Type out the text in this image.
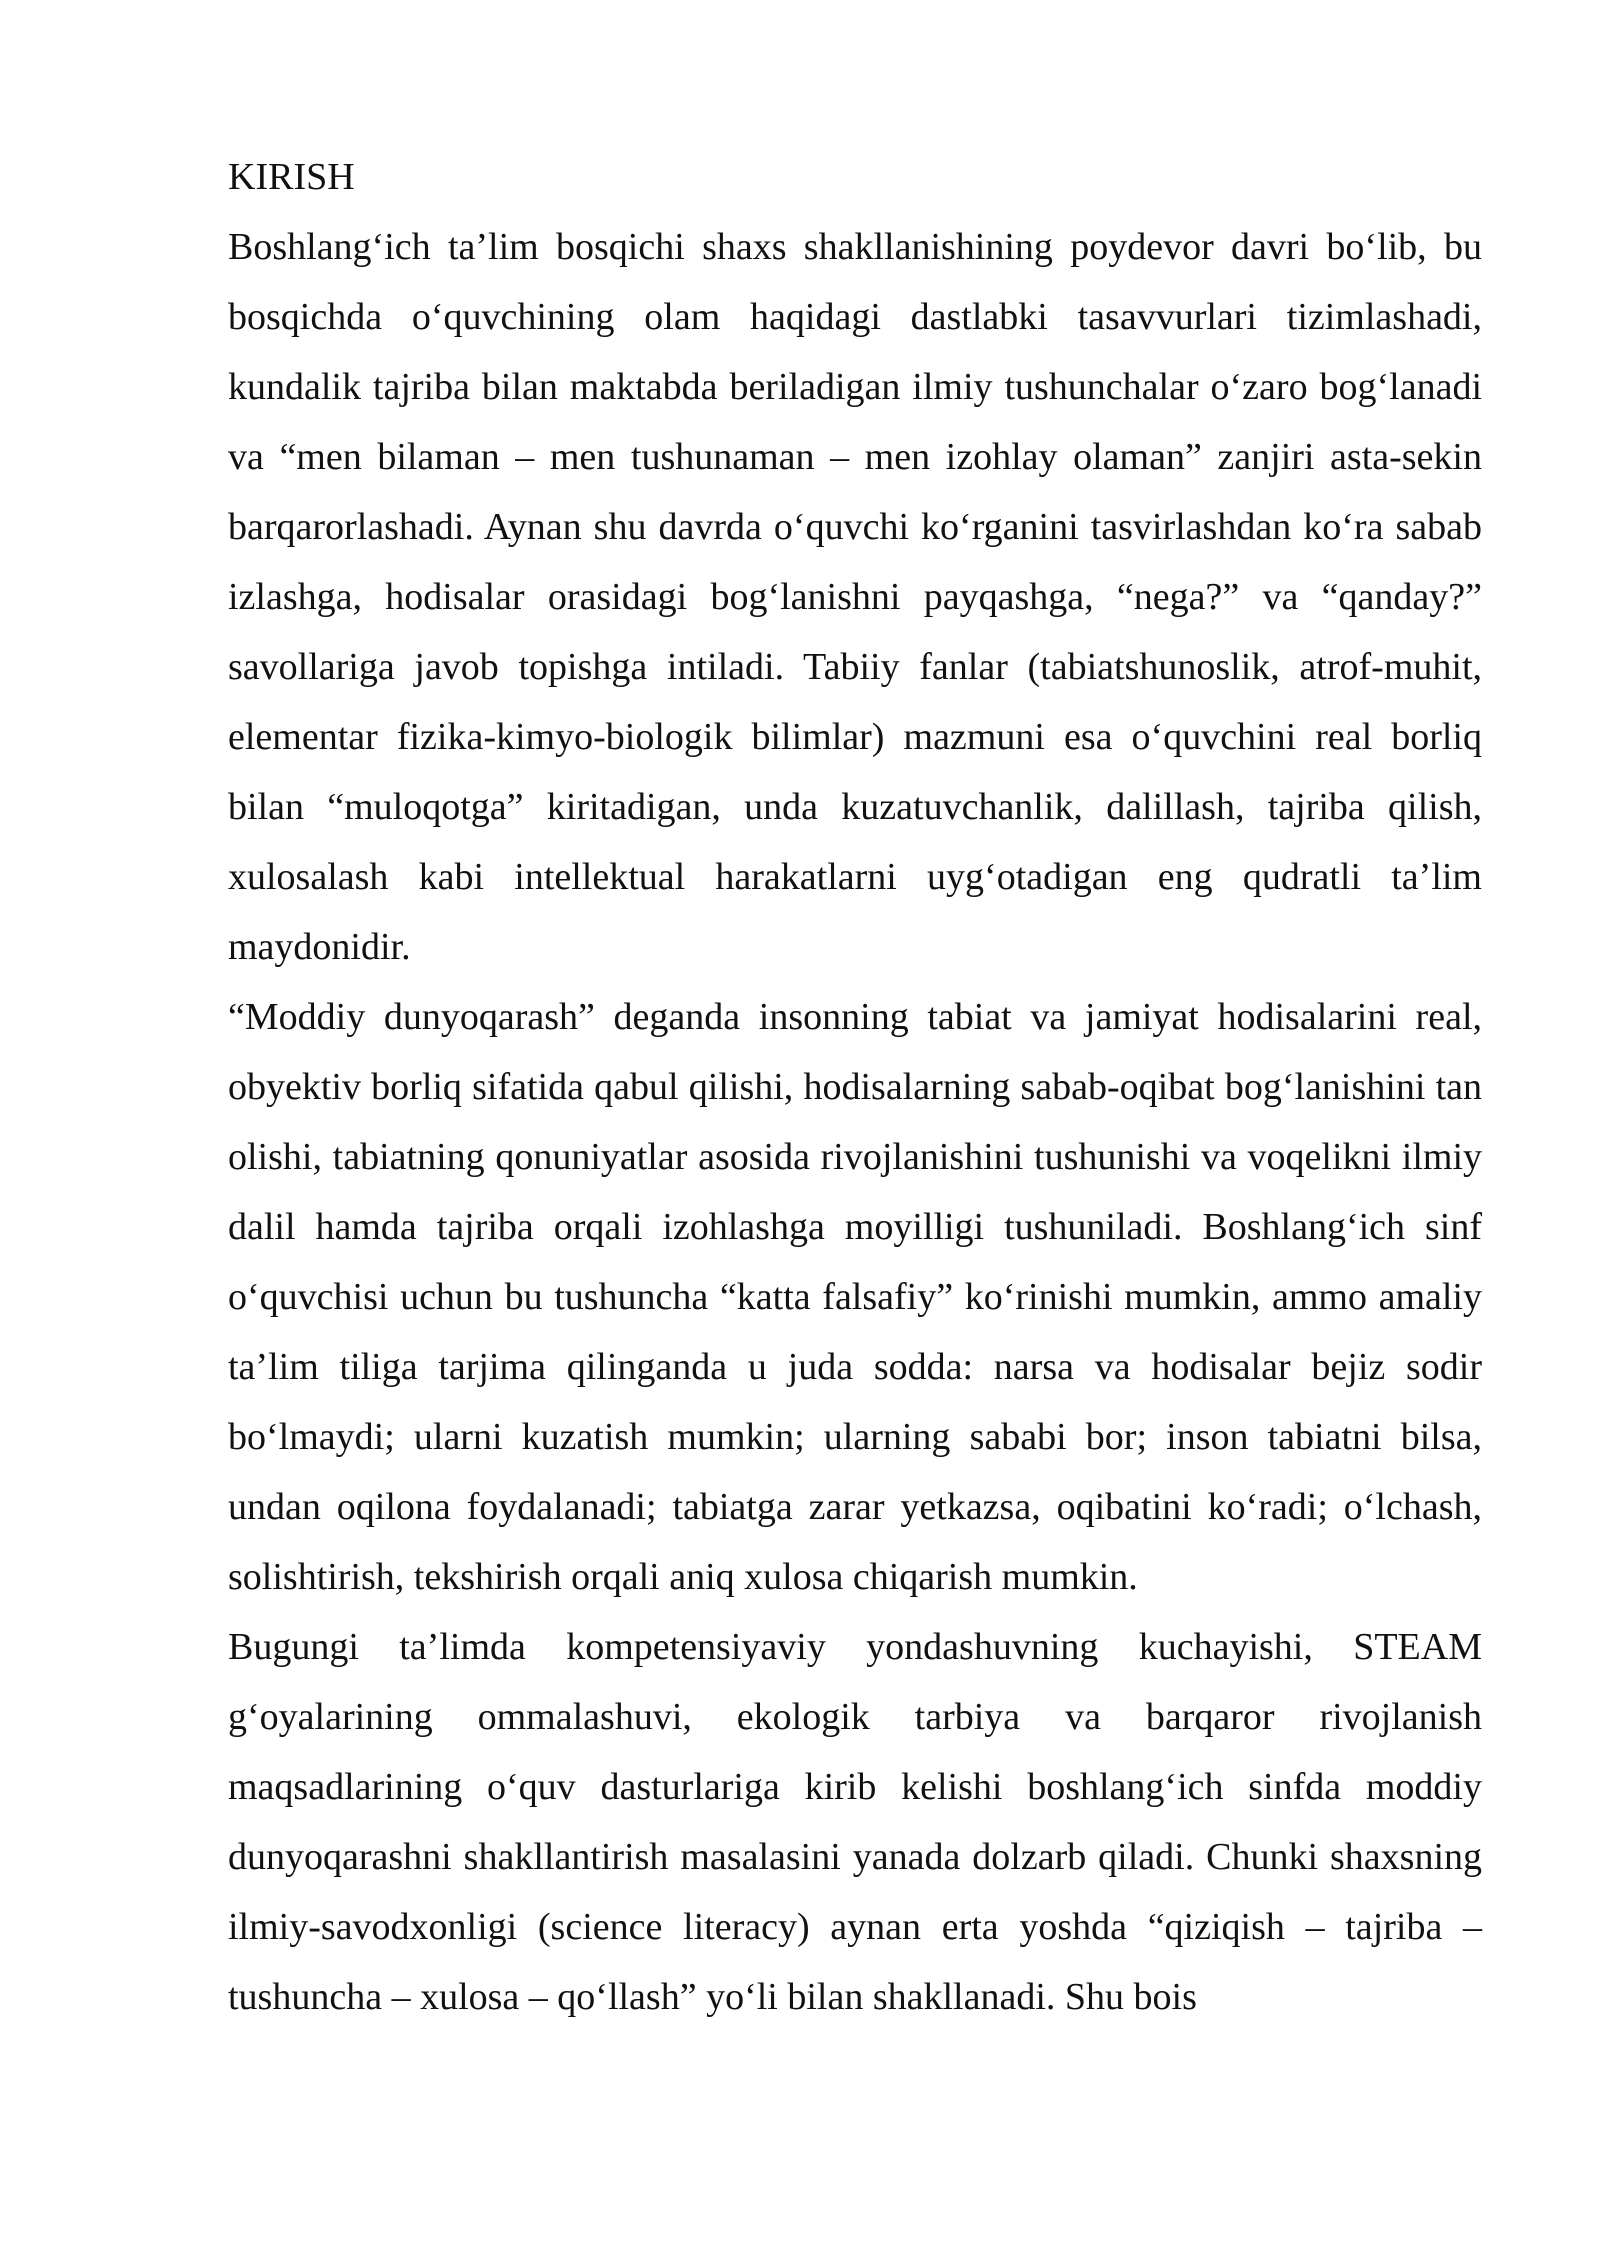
KIRISH

Boshlang‘ich ta’lim bosqichi shaxs shakllanishining poydevor davri bo‘lib, bu bosqichda o‘quvchining olam haqidagi dastlabki tasavvurlari tizimlashadi, kundalik tajriba bilan maktabda beriladigan ilmiy tushunchalar o‘zaro bog‘lanadi va “men bilaman – men tushunaman – men izohlay olaman” zanjiri asta-sekin barqarorlashadi. Aynan shu davrda o‘quvchi ko‘rganini tasvirlashdan ko‘ra sabab izlashga, hodisalar orasidagi bog‘lanishni payqashga, “nega?” va “qanday?” savollariga javob topishga intiladi. Tabiiy fanlar (tabiatshunoslik, atrof-muhit, elementar fizika-kimyo-biologik bilimlar) mazmuni esa o‘quvchini real borliq bilan “muloqotga” kiritadigan, unda kuzatuvchanlik, dalillash, tajriba qilish, xulosalash kabi intellektual harakatlarni uyg‘otadigan eng qudratli ta’lim maydonidir.

“Moddiy dunyoqarash” deganda insonning tabiat va jamiyat hodisalarini real, obyektiv borliq sifatida qabul qilishi, hodisalarning sabab-oqibat bog‘lanishini tan olishi, tabiatning qonuniyatlar asosida rivojlanishini tushunishi va voqelikni ilmiy dalil hamda tajriba orqali izohlashga moyilligi tushuniladi. Boshlang‘ich sinf o‘quvchisi uchun bu tushuncha “katta falsafiy” ko‘rinishi mumkin, ammo amaliy ta’lim tiliga tarjima qilinganda u juda sodda: narsa va hodisalar bejiz sodir bo‘lmaydi; ularni kuzatish mumkin; ularning sababi bor; inson tabiatni bilsa, undan oqilona foydalanadi; tabiatga zarar yetkazsa, oqibatini ko‘radi; o‘lchash, solishtirish, tekshirish orqali aniq xulosa chiqarish mumkin.

Bugungi ta’limda kompetensiyaviy yondashuvning kuchayishi, STEAM g‘oyalarining ommalashuvi, ekologik tarbiya va barqaror rivojlanish maqsadlarining o‘quv dasturlariga kirib kelishi boshlang‘ich sinfda moddiy dunyoqarashni shakllantirish masalasini yanada dolzarb qiladi. Chunki shaxsning ilmiy-savodxonligi (science literacy) aynan erta yoshda “qiziqish – tajriba – tushuncha – xulosa – qo‘llash” yo‘li bilan shakllanadi. Shu bois
